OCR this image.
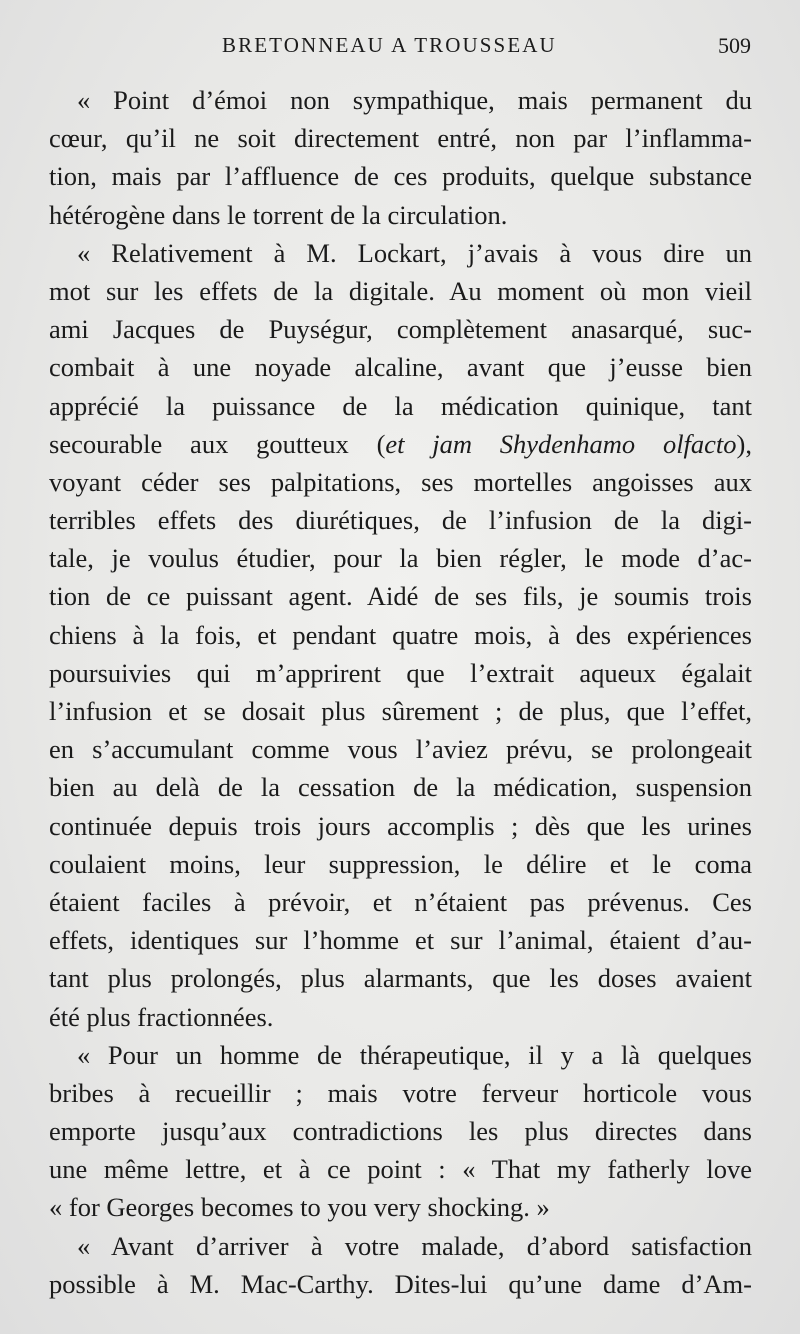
BRETONNEAU A TROUSSEAU	509
« Point d’émoi non sympathique, mais permanent du
cœur, qu’il ne soit directement entré, non par l’inflamma-
tion, mais par l’affluence de ces produits, quelque substance
hétérogène dans le torrent de la circulation.
« Relativement à M. Lockart, j’avais à vous dire un
mot sur les effets de la digitale. Au moment où mon vieil
ami Jacques de Puységur, complètement anasarqué, suc-
combait à une noyade alcaline, avant que j’eusse bien
apprécié la puissance de la médication quinique, tant
secourable aux goutteux (et jam Shydenhamo olfacto),
voyant céder ses palpitations, ses mortelles angoisses aux
terribles effets des diurétiques, de l’infusion de la digi-
tale, je voulus étudier, pour la bien régler, le mode d’ac-
tion de ce puissant agent. Aidé de ses fils, je soumis trois
chiens à la fois, et pendant quatre mois, à des expériences
poursuivies qui m’apprirent que l’extrait aqueux égalait
l’infusion et se dosait plus sûrement ; de plus, que l’effet,
en s’accumulant comme vous l’aviez prévu, se prolongeait
bien au delà de la cessation de la médication, suspension
continuée depuis trois jours accomplis ; dès que les urines
coulaient moins, leur suppression, le délire et le coma
étaient faciles à prévoir, et n’étaient pas prévenus. Ces
effets, identiques sur l’homme et sur l’animal, étaient d’au-
tant plus prolongés, plus alarmants, que les doses avaient
été plus fractionnées.
« Pour un homme de thérapeutique, il y a là quelques
bribes à recueillir ; mais votre ferveur horticole vous
emporte jusqu’aux contradictions les plus directes dans
une même lettre, et à ce point : « That my fatherly love
« for Georges becomes to you very shocking. »
« Avant d’arriver à votre malade, d’abord satisfaction
possible à M. Mac-Carthy. Dites-lui qu’une dame d’Am-
